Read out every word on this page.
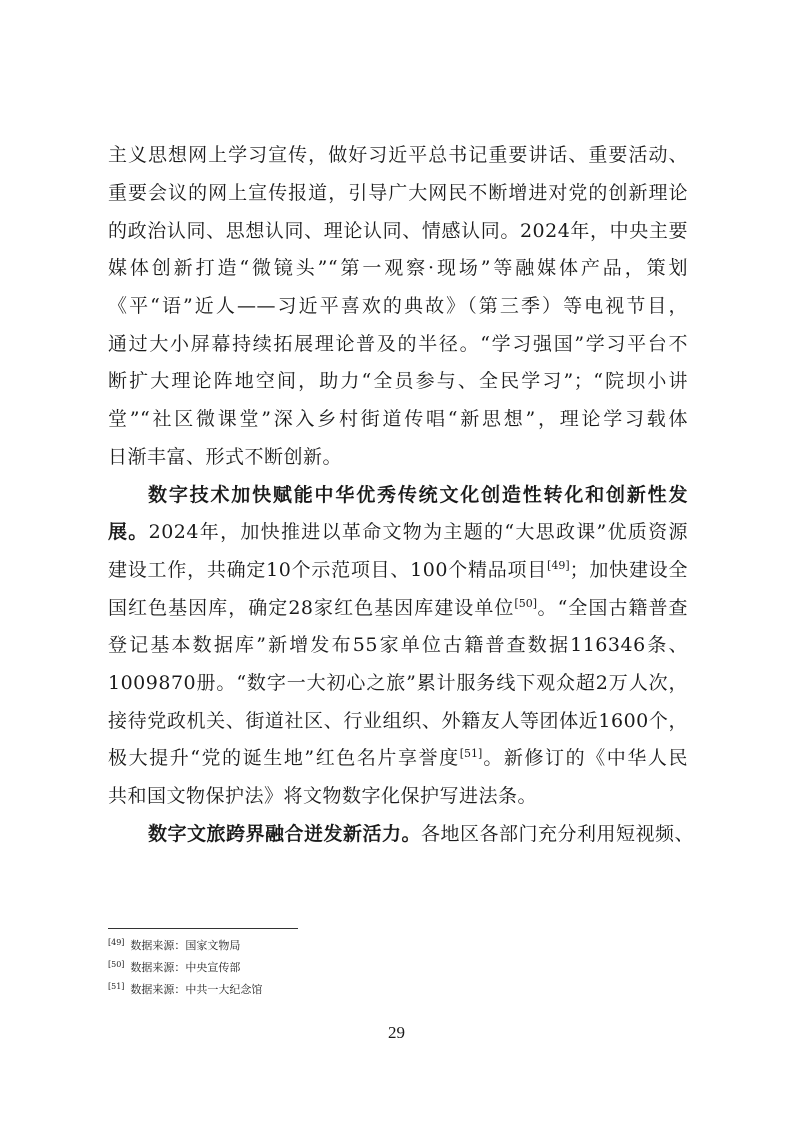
主义思想网上学习宣传，做好习近平总书记重要讲话、重要活动、
重要会议的网上宣传报道，引导广大网民不断增进对党的创新理论
的政治认同、思想认同、理论认同、情感认同。2024年，中央主要
媒体创新打造“微镜头”“第一观察·现场”等融媒体产品，策划
《平“语”近人——习近平喜欢的典故》（第三季）等电视节目，
通过大小屏幕持续拓展理论普及的半径。“学习强国”学习平台不
断扩大理论阵地空间，助力“全员参与、全民学习”；“院坝小讲
堂”“社区微课堂”深入乡村街道传唱“新思想”，理论学习载体
日渐丰富、形式不断创新。
数字技术加快赋能中华优秀传统文化创造性转化和创新性发
展。2024年，加快推进以革命文物为主题的“大思政课”优质资源
建设工作，共确定10个示范项目、100个精品项目[49]；加快建设全
国红色基因库，确定28家红色基因库建设单位[50]。“全国古籍普查
登记基本数据库”新增发布55家单位古籍普查数据116346条、
1009870册。“数字一大初心之旅”累计服务线下观众超2万人次，
接待党政机关、街道社区、行业组织、外籍友人等团体近1600个，
极大提升“党的诞生地”红色名片享誉度[51]。新修订的《中华人民
共和国文物保护法》将文物数字化保护写进法条。
数字文旅跨界融合迸发新活力。各地区各部门充分利用短视频、
[49] 数据来源：国家文物局
[50] 数据来源：中央宣传部
[51] 数据来源：中共一大纪念馆
29
